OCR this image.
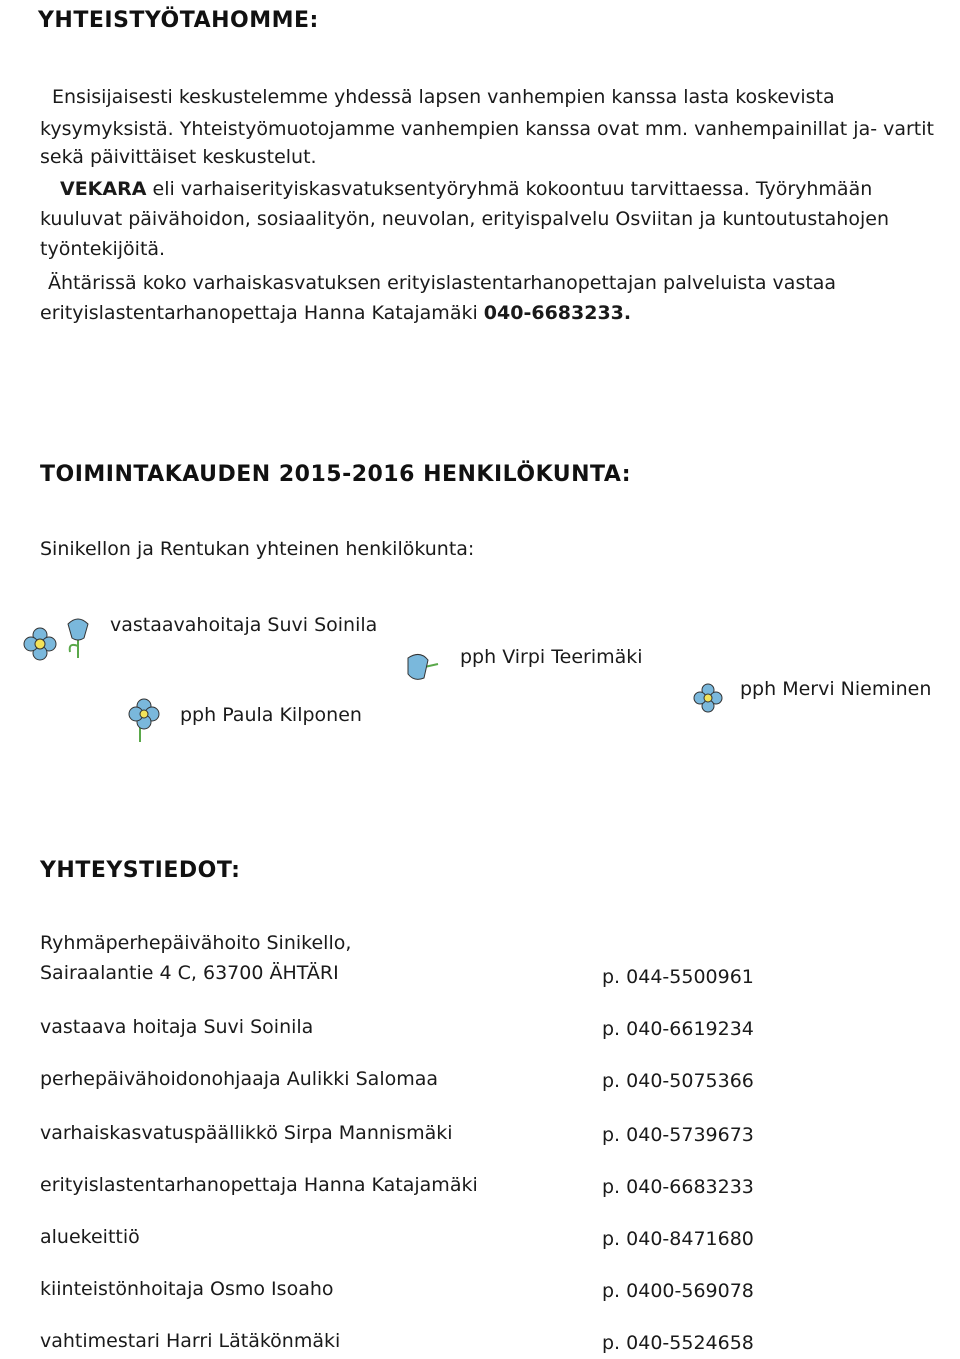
YHTEISTYÖTAHOMME:
Ensisijaisesti keskustelemme yhdessä lapsen vanhempien kanssa lasta koskevista
kysymyksistä. Yhteistyömuotojamme vanhempien kanssa ovat mm. vanhempainillat ja- vartit
sekä päivittäiset keskustelut.
VEKARA eli varhaiserityiskasvatuksentyöryhmä kokoontuu tarvittaessa. Työryhmään
kuuluvat päivähoidon, sosiaalityön, neuvolan, erityispalvelu Osviitan ja kuntoutustahojen
työntekijöitä.
Ähtärissä koko varhaiskasvatuksen erityislastentarhanopettajan palveluista vastaa
erityislastentarhanopettaja Hanna Katajamäki 040-6683233.
TOIMINTAKAUDEN 2015-2016 HENKILÖKUNTA:
Sinikellon ja Rentukan yhteinen henkilökunta:
vastaavahoitaja Suvi Soinila
pph Virpi Teerimäki
pph Mervi Nieminen
pph Paula Kilponen
YHTEYSTIEDOT:
Ryhmäperhepäivähoito Sinikello,
Sairaalantie 4 C, 63700 ÄHTÄRI	p. 044-5500961
vastaava hoitaja Suvi Soinila	p. 040-6619234
perhepäivähoidonohjaaja Aulikki Salomaa	p. 040-5075366
varhaiskasvatuspäällikkö Sirpa Mannismäki	p. 040-5739673
erityislastentarhanopettaja Hanna Katajamäki	p. 040-6683233
aluekeittiö	p. 040-8471680
kiinteistönhoitaja Osmo Isoaho	p. 0400-569078
vahtimestari Harri Lätäkönmäki	p. 040-5524658
